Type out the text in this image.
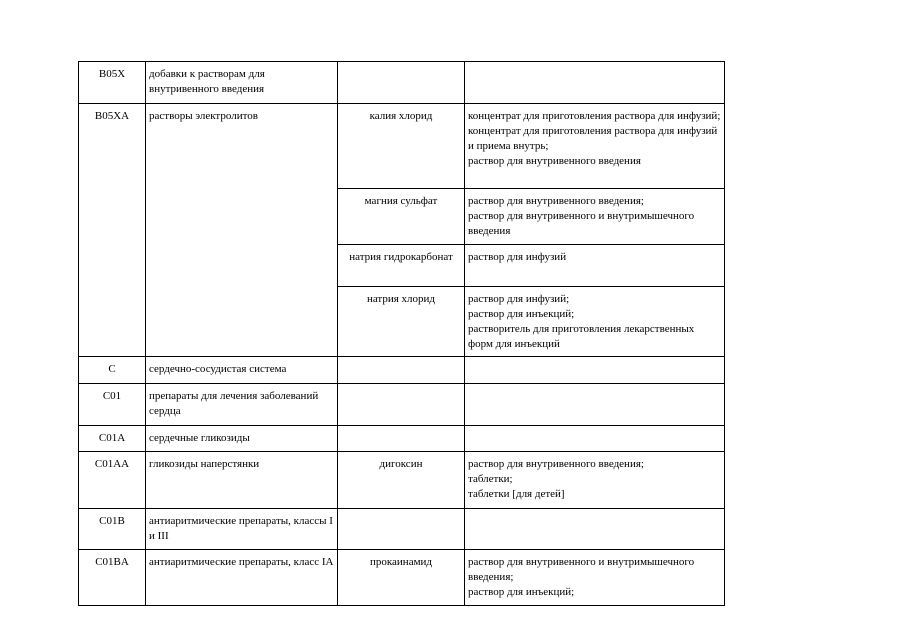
B05X	добавки к растворам для внутривенного введения		
B05XA	растворы электролитов	калия хлорид	концентрат для приготовления раствора для инфузий;
концентрат для приготовления раствора для инфузий и приема внутрь;
раствор для внутривенного введения

		магния сульфат	раствор для внутривенного введения;
раствор для внутривенного и внутримышечного введения

		натрия гидрокарбонат	раствор для инфузий

		натрия хлорид	раствор для инфузий;
раствор для инъекций;
растворитель для приготовления лекарственных форм для инъекций

C	сердечно-сосудистая система		
C01	препараты для лечения заболеваний сердца		
C01A	сердечные гликозиды		
C01AA	гликозиды наперстянки	дигоксин	раствор для внутривенного введения;
таблетки;
таблетки [для детей]

C01B	антиаритмические препараты, классы I и III		
C01BA	антиаритмические препараты, класс IA	прокаинамид	раствор для внутривенного и внутримышечного введения;
раствор для инъекций;
